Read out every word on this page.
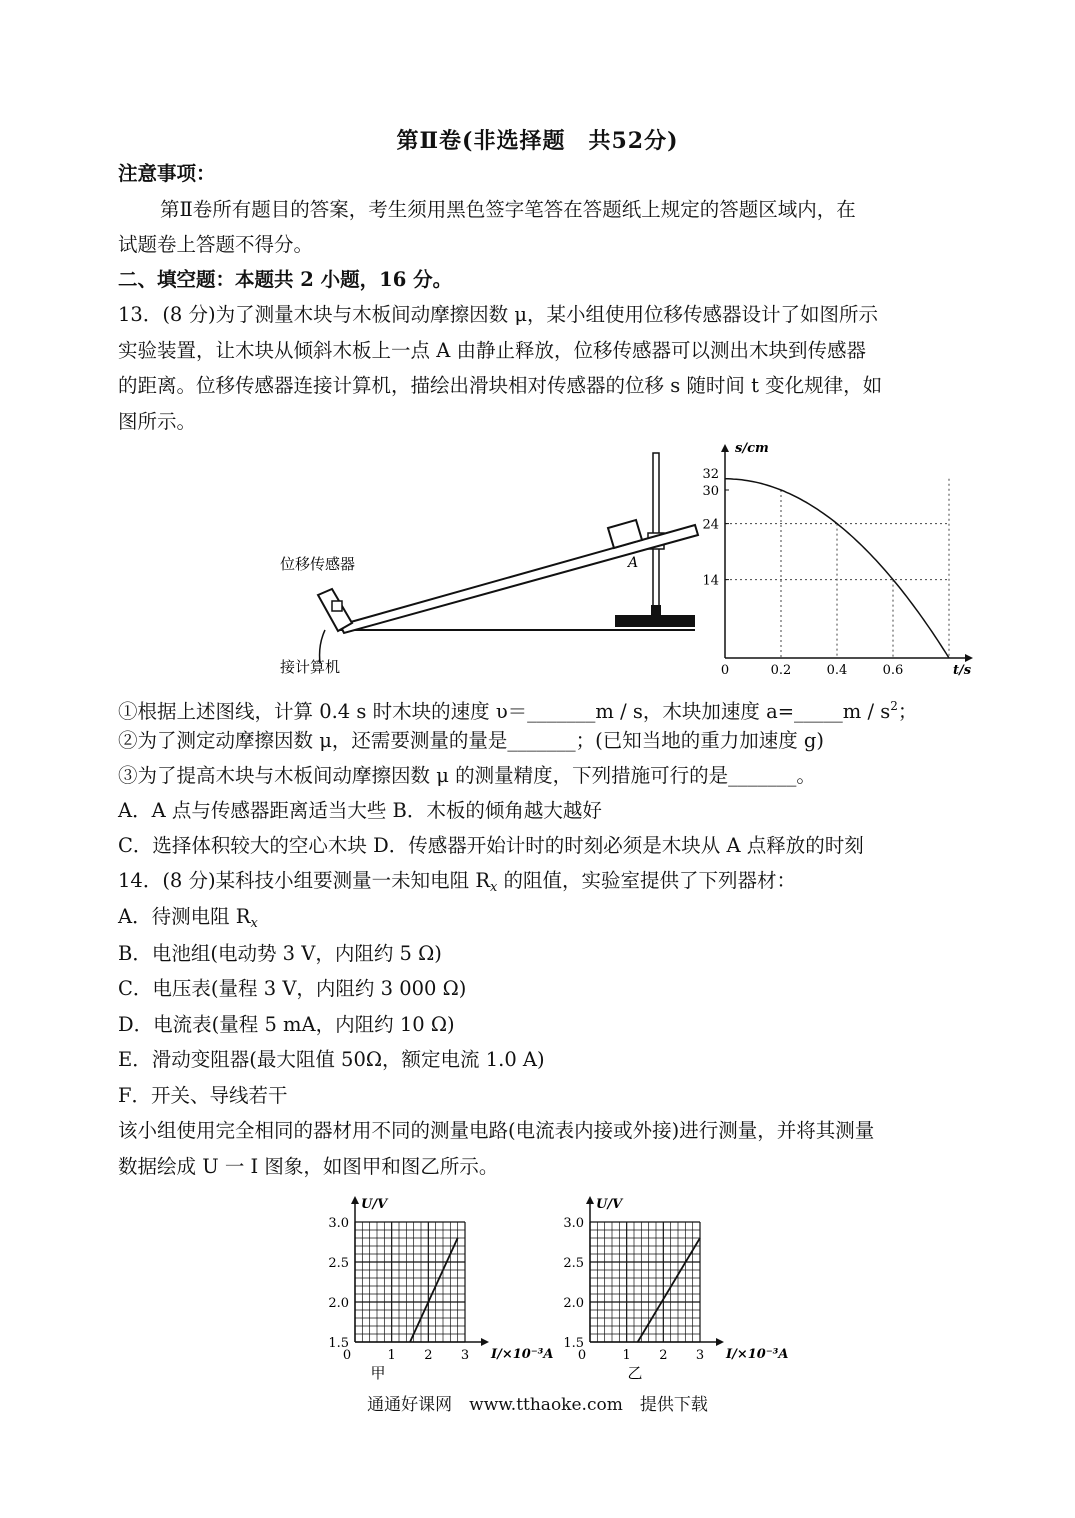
第Ⅱ卷(非选择题　共52分)
注意事项：
第Ⅱ卷所有题目的答案，考生须用黑色签字笔答在答题纸上规定的答题区域内，在
试题卷上答题不得分。
二、填空题：本题共 2 小题，16 分。
13．(8 分)为了测量木块与木板间动摩擦因数 μ，某小组使用位移传感器设计了如图所示
实验装置，让木块从倾斜木板上一点 A 由静止释放，位移传感器可以测出木块到传感器
的距离。位移传感器连接计算机，描绘出滑块相对传感器的位移 s 随时间 t 变化规律，如
图所示。
位移传感器
接计算机
A
s/cm
t/s
32
30
24
14
0	0.2	0.4	0.6
①根据上述图线，计算 0.4 s 时木块的速度 υ＝_______m / s，木块加速度 a=_____m / $s^2$；
②为了测定动摩擦因数 μ，还需要测量的量是_______；(已知当地的重力加速度 g)
③为了提高木块与木板间动摩擦因数 μ 的测量精度，下列措施可行的是_______。
A．A 点与传感器距离适当大些 B．木板的倾角越大越好
C．选择体积较大的空心木块 D．传感器开始计时的时刻必须是木块从 A 点释放的时刻
14．(8 分)某科技小组要测量一未知电阻 $R_x$ 的阻值，实验室提供了下列器材：
A．待测电阻 $R_x$
B．电池组(电动势 3 V，内阻约 5 Ω)
C．电压表(量程 3 V，内阻约 3 000 Ω)
D．电流表(量程 5 mA，内阻约 10 Ω)
E．滑动变阻器(最大阻值 50Ω，额定电流 1.0 A)
F．开关、导线若干
该小组使用完全相同的器材用不同的测量电路(电流表内接或外接)进行测量，并将其测量
数据绘成 U 一 I 图象，如图甲和图乙所示。
U/V
I/×10⁻³A
1.5
2.0
2.5
3.0
0	1 2 3
甲
U/V
I/×10⁻³A
1.5
2.0
2.5
3.0
0	1 2 3
乙
通通好课网　www.tthaoke.com　提供下载
